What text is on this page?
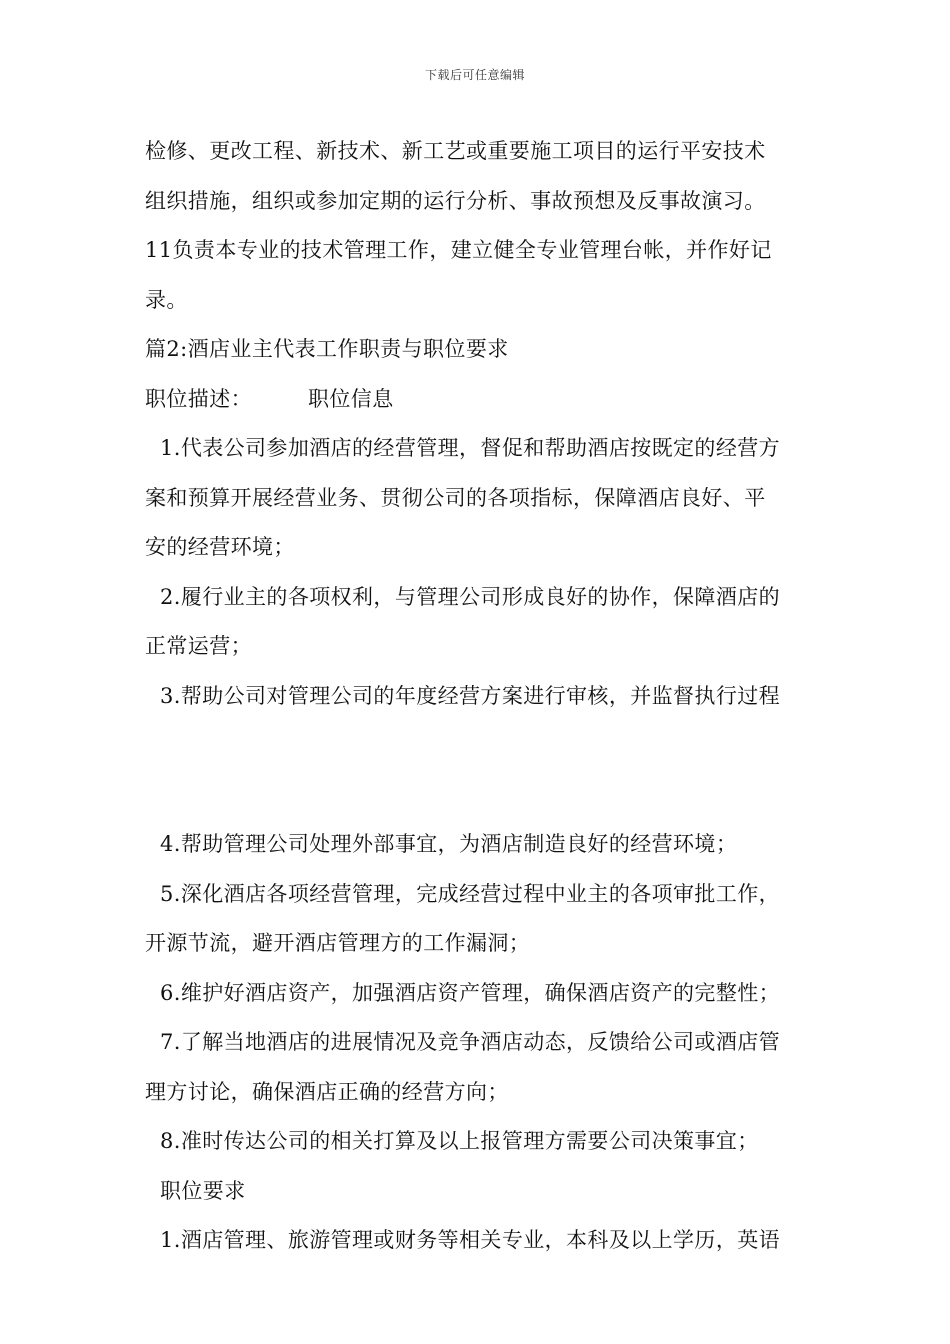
下载后可任意编辑
检修、更改工程、新技术、新工艺或重要施工项目的运行平安技术
组织措施，组织或参加定期的运行分析、事故预想及反事故演习。
11负责本专业的技术管理工作，建立健全专业管理台帐，并作好记
录。
篇2:酒店业主代表工作职责与职位要求
职位描述：	职位信息
1.代表公司参加酒店的经营管理，督促和帮助酒店按既定的经营方
案和预算开展经营业务、贯彻公司的各项指标，保障酒店良好、平
安的经营环境；
2.履行业主的各项权利，与管理公司形成良好的协作，保障酒店的
正常运营；
3.帮助公司对管理公司的年度经营方案进行审核，并监督执行过程
4.帮助管理公司处理外部事宜，为酒店制造良好的经营环境；
5.深化酒店各项经营管理，完成经营过程中业主的各项审批工作，
开源节流，避开酒店管理方的工作漏洞；
6.维护好酒店资产，加强酒店资产管理，确保酒店资产的完整性；
7.了解当地酒店的进展情况及竞争酒店动态，反馈给公司或酒店管
理方讨论，确保酒店正确的经营方向；
8.准时传达公司的相关打算及以上报管理方需要公司决策事宜；
职位要求
1.酒店管理、旅游管理或财务等相关专业，本科及以上学历，英语
